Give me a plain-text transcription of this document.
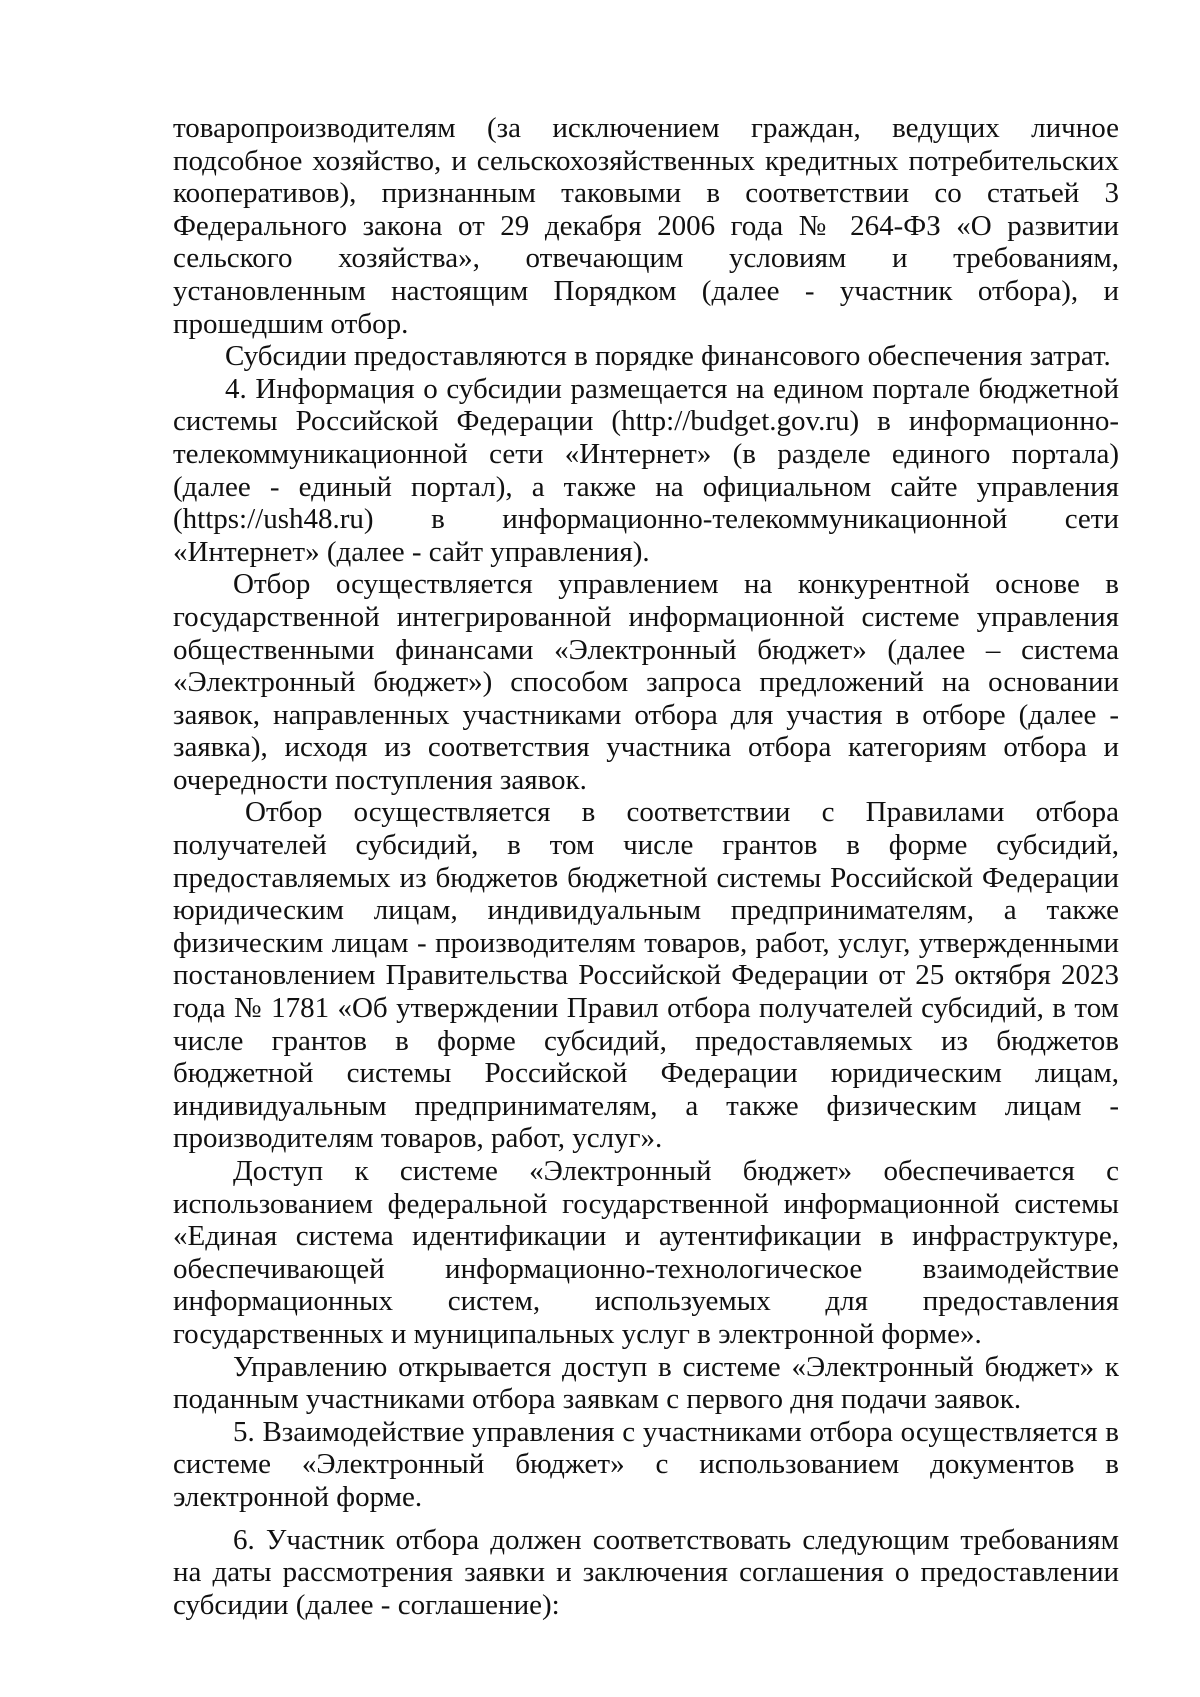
товаропроизводителям (за исключением граждан, ведущих личное подсобное хозяйство, и сельскохозяйственных кредитных потребительских кооперативов), признанным таковыми в соответствии со статьей 3 Федерального закона от 29 декабря 2006 года № 264-ФЗ «О развитии сельского хозяйства», отвечающим условиям и требованиям, установленным настоящим Порядком (далее - участник отбора), и прошедшим отбор.

Субсидии предоставляются в порядке финансового обеспечения затрат.

4. Информация о субсидии размещается на едином портале бюджетной системы Российской Федерации (http://budget.gov.ru) в информационно-телекоммуникационной сети «Интернет» (в разделе единого портала) (далее - единый портал), а также на официальном сайте управления (https://ush48.ru) в информационно-телекоммуникационной сети «Интернет» (далее - сайт управления).

Отбор осуществляется управлением на конкурентной основе в государственной интегрированной информационной системе управления общественными финансами «Электронный бюджет» (далее – система «Электронный бюджет») способом запроса предложений на основании заявок, направленных участниками отбора для участия в отборе (далее - заявка), исходя из соответствия участника отбора категориям отбора и очередности поступления заявок.

Отбор осуществляется в соответствии с Правилами отбора получателей субсидий, в том числе грантов в форме субсидий, предоставляемых из бюджетов бюджетной системы Российской Федерации юридическим лицам, индивидуальным предпринимателям, а также физическим лицам - производителям товаров, работ, услуг, утвержденными постановлением Правительства Российской Федерации от 25 октября 2023 года № 1781 «Об утверждении Правил отбора получателей субсидий, в том числе грантов в форме субсидий, предоставляемых из бюджетов бюджетной системы Российской Федерации юридическим лицам, индивидуальным предпринимателям, а также физическим лицам - производителям товаров, работ, услуг».

Доступ к системе «Электронный бюджет» обеспечивается с использованием федеральной государственной информационной системы «Единая система идентификации и аутентификации в инфраструктуре, обеспечивающей информационно-технологическое взаимодействие информационных систем, используемых для предоставления государственных и муниципальных услуг в электронной форме».

Управлению открывается доступ в системе «Электронный бюджет» к поданным участниками отбора заявкам с первого дня подачи заявок.

5. Взаимодействие управления с участниками отбора осуществляется в системе «Электронный бюджет» с использованием документов в электронной форме.

6. Участник отбора должен соответствовать следующим требованиям на даты рассмотрения заявки и заключения соглашения о предоставлении субсидии (далее - соглашение):
